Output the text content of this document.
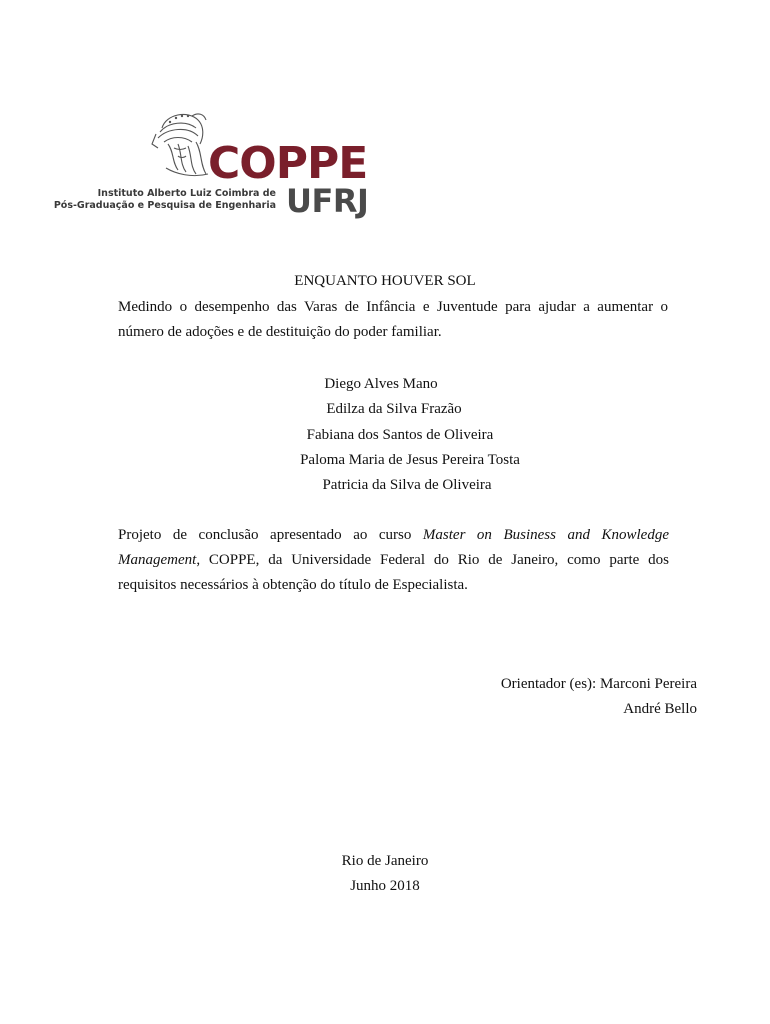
COPPE
UFRJ
Instituto Alberto Luiz Coimbra de
Pós-Graduação e Pesquisa de Engenharia
ENQUANTO HOUVER SOL
Medindo o desempenho das Varas de Infância e Juventude para ajudar a aumentar o número de adoções e de destituição do poder familiar.
Diego Alves Mano
Edilza da Silva Frazão
Fabiana dos Santos de Oliveira
Paloma Maria de Jesus Pereira Tosta
Patricia da Silva de Oliveira
Projeto de conclusão apresentado ao curso Master on Business and Knowledge Management, COPPE, da Universidade Federal do Rio de Janeiro, como parte dos requisitos necessários à obtenção do título de Especialista.
Orientador (es): Marconi Pereira
André Bello
Rio de Janeiro
Junho 2018
